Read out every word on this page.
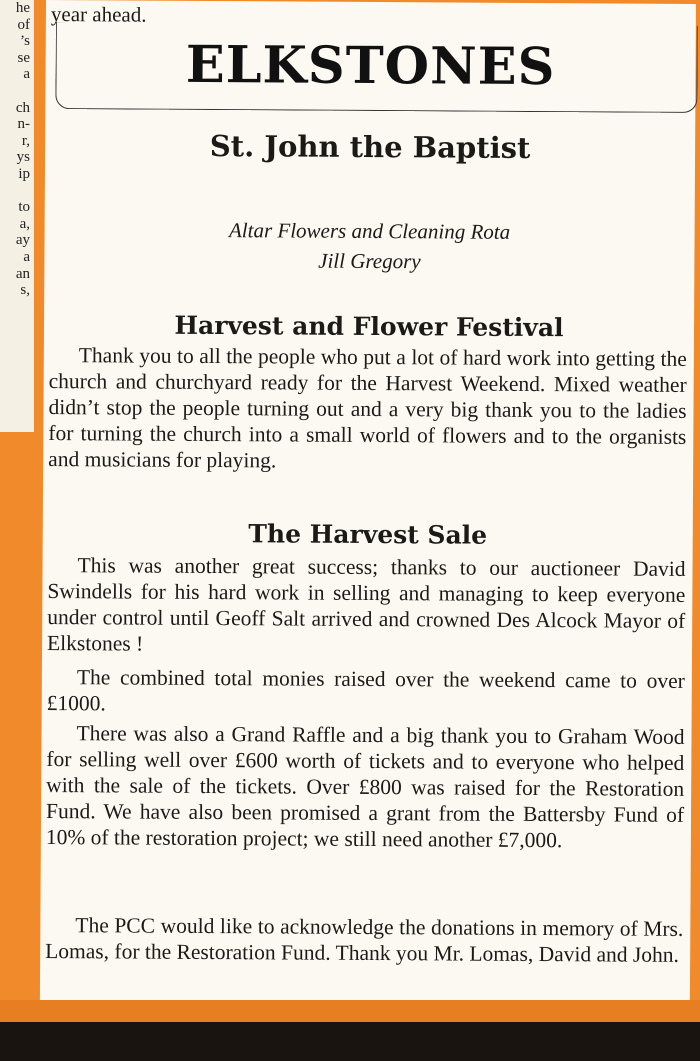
he
of
’s
se
a

ch
n-
r,
ys
ip

to
a,
ay
a
an
s,
year ahead.
ELKSTONES
St. John the Baptist
Altar Flowers and Cleaning Rota
Jill Gregory
Harvest and Flower Festival
Thank you to all the people who put a lot of hard work into getting the church and churchyard ready for the Harvest Weekend. Mixed weather didn’t stop the people turning out and a very big thank you to the ladies for turning the church into a small world of flowers and to the organists and musicians for playing.
The Harvest Sale
This was another great success; thanks to our auctioneer David Swindells for his hard work in selling and managing to keep everyone under control until Geoff Salt arrived and crowned Des Alcock Mayor of Elkstones !
The combined total monies raised over the weekend came to over £1000.
There was also a Grand Raffle and a big thank you to Graham Wood for selling well over £600 worth of tickets and to everyone who helped with the sale of the tickets. Over £800 was raised for the Restoration Fund. We have also been promised a grant from the Battersby Fund of 10% of the restoration project; we still need another £7,000.
The PCC would like to acknowledge the donations in memory of Mrs. Lomas, for the Restoration Fund. Thank you Mr. Lomas, David and John.
